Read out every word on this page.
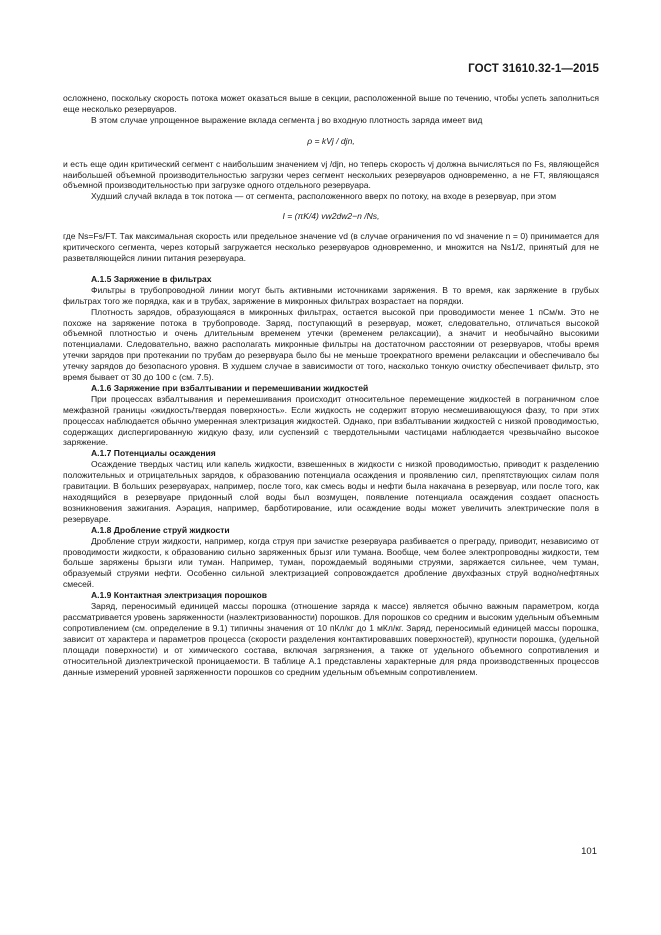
ГОСТ 31610.32-1—2015

осложнено, поскольку скорость потока может оказаться выше в секции, расположенной выше по течению, чтобы успеть заполниться еще несколько резервуаров.

В этом случае упрощенное выражение вклада сегмента j во входную плотность заряда имеет вид

ρ = kVj / djn,

и есть еще один критический сегмент с наибольшим значением vj /djn, но теперь скорость vj должна вычисляться по Fs, являющейся наибольшей объемной производительностью загрузки через сегмент нескольких резервуаров одновременно, а не FT, являющаяся объемной производительностью при загрузке одного отдельного резервуара.

Худший случай вклада в ток потока — от сегмента, расположенного вверх по потоку, на входе в резервуар, при этом

I = (πK/4) vw2dw2−n /Ns,

где Ns=Fs/FT. Так максимальная скорость или предельное значение vd (в случае ограничения по vd значение n = 0) принимается для критического сегмента, через который загружается несколько резервуаров одновременно, и множится на Ns1/2, принятый для не разветвляющейся линии питания резервуара.

А.1.5 Заряжение в фильтрах

Фильтры в трубопроводной линии могут быть активными источниками заряжения. В то время, как заряжение в грубых фильтрах того же порядка, как и в трубах, заряжение в микронных фильтрах возрастает на порядки.

Плотность зарядов, образующаяся в микронных фильтрах, остается высокой при проводимости менее 1 пСм/м. Это не похоже на заряжение потока в трубопроводе. Заряд, поступающий в резервуар, может, следовательно, отличаться высокой объемной плотностью и очень длительным временем утечки (временем релаксации), а значит и необычайно высокими потенциалами. Следовательно, важно располагать микронные фильтры на достаточном расстоянии от резервуаров, чтобы время утечки зарядов при протекании по трубам до резервуара было бы не меньше троекратного времени релаксации и обеспечивало бы утечку зарядов до безопасного уровня. В худшем случае в зависимости от того, насколько тонкую очистку обеспечивает фильтр, это время бывает от 30 до 100 с (см. 7.5).

А.1.6 Заряжение при взбалтывании и перемешивании жидкостей

При процессах взбалтывания и перемешивания происходит относительное перемещение жидкостей в пограничном слое межфазной границы «жидкость/твердая поверхность». Если жидкость не содержит вторую несмешивающуюся фазу, то при этих процессах наблюдается обычно умеренная электризация жидкостей. Однако, при взбалтывании жидкостей с низкой проводимостью, содержащих диспергированную жидкую фазу, или суспензий с твердотельными частицами наблюдается чрезвычайно высокое заряжение.

А.1.7 Потенциалы осаждения

Осаждение твердых частиц или капель жидкости, взвешенных в жидкости с низкой проводимостью, приводит к разделению положительных и отрицательных зарядов, к образованию потенциала осаждения и проявлению сил, препятствующих силам поля гравитации. В больших резервуарах, например, после того, как смесь воды и нефти была накачана в резервуар, или после того, как находящийся в резервуаре придонный слой воды был возмущен, появление потенциала осаждения создает опасность возникновения зажигания. Аэрация, например, барботирование, или осаждение воды может увеличить электрические поля в резервуаре.

А.1.8 Дробление струй жидкости

Дробление струи жидкости, например, когда струя при зачистке резервуара разбивается о преграду, приводит, независимо от проводимости жидкости, к образованию сильно заряженных брызг или тумана. Вообще, чем более электропроводны жидкости, тем больше заряжены брызги или туман. Например, туман, порождаемый водяными струями, заряжается сильнее, чем туман, образуемый струями нефти. Особенно сильной электризацией сопровождается дробление двухфазных струй водно/нефтяных смесей.

А.1.9 Контактная электризация порошков

Заряд, переносимый единицей массы порошка (отношение заряда к массе) является обычно важным параметром, когда рассматривается уровень заряженности (наэлектризованности) порошков. Для порошков со средним и высоким удельным объемным сопротивлением (см. определение в 9.1) типичны значения от 10 пКл/кг до 1 мКл/кг. Заряд, переносимый единицей массы порошка, зависит от характера и параметров процесса (скорости разделения контактировавших поверхностей), крупности порошка, (удельной площади поверхности) и от химического состава, включая загрязнения, а также от удельного объемного сопротивления и относительной диэлектрической проницаемости. В таблице А.1 представлены характерные для ряда производственных процессов данные измерений уровней заряженности порошков со средним удельным объемным сопротивлением.

101
